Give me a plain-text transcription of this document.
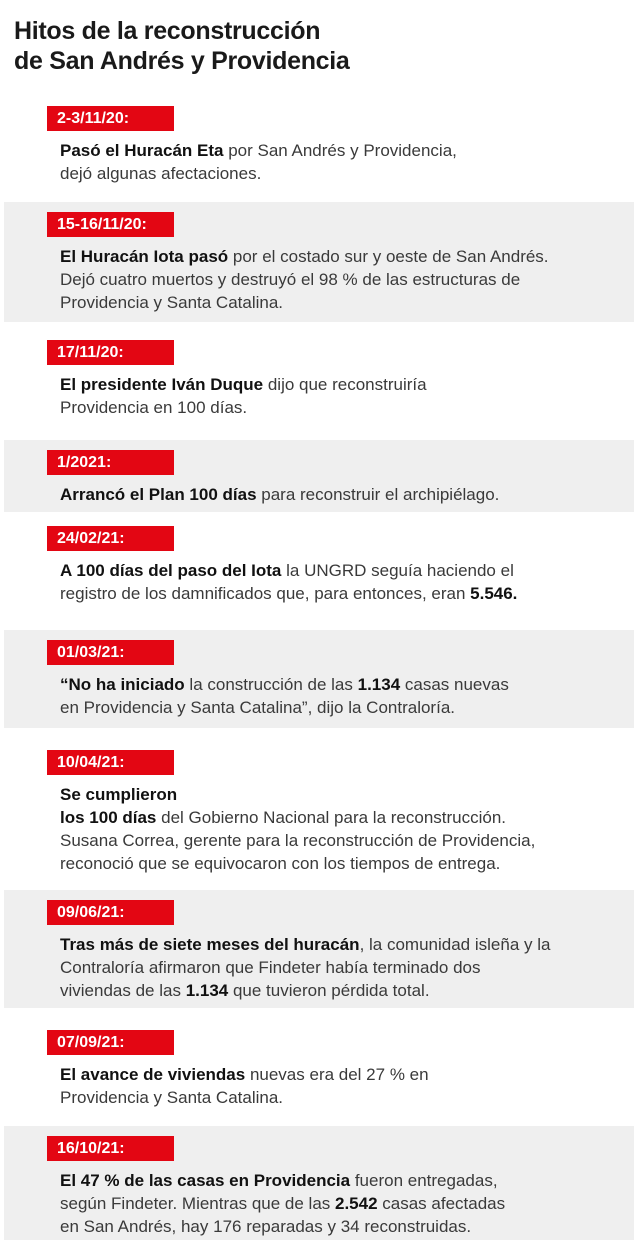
Hitos de la reconstrucción
de San Andrés y Providencia
2-3/11/20:

Pasó el Huracán Eta por San Andrés y Providencia,
dejó algunas afectaciones.

15-16/11/20:

El Huracán Iota pasó por el costado sur y oeste de San Andrés.
Dejó cuatro muertos y destruyó el 98 % de las estructuras de
Providencia y Santa Catalina.

17/11/20:

El presidente Iván Duque dijo que reconstruiría
Providencia en 100 días.

1/2021:

Arrancó el Plan 100 días para reconstruir el archipiélago.

24/02/21:

A 100 días del paso del Iota la UNGRD seguía haciendo el
registro de los damnificados que, para entonces, eran 5.546.

01/03/21:

“No ha iniciado la construcción de las 1.134 casas nuevas
en Providencia y Santa Catalina”, dijo la Contraloría.

10/04/21:

Se cumplieron
los 100 días del Gobierno Nacional para la reconstrucción.
Susana Correa, gerente para la reconstrucción de Providencia,
reconoció que se equivocaron con los tiempos de entrega.

09/06/21:

Tras más de siete meses del huracán, la comunidad isleña y la
Contraloría afirmaron que Findeter había terminado dos
viviendas de las 1.134 que tuvieron pérdida total.

07/09/21:

El avance de viviendas nuevas era del 27 % en
Providencia y Santa Catalina.

16/10/21:

El 47 % de las casas en Providencia fueron entregadas,
según Findeter. Mientras que de las 2.542 casas afectadas
en San Andrés, hay 176 reparadas y 34 reconstruidas.
